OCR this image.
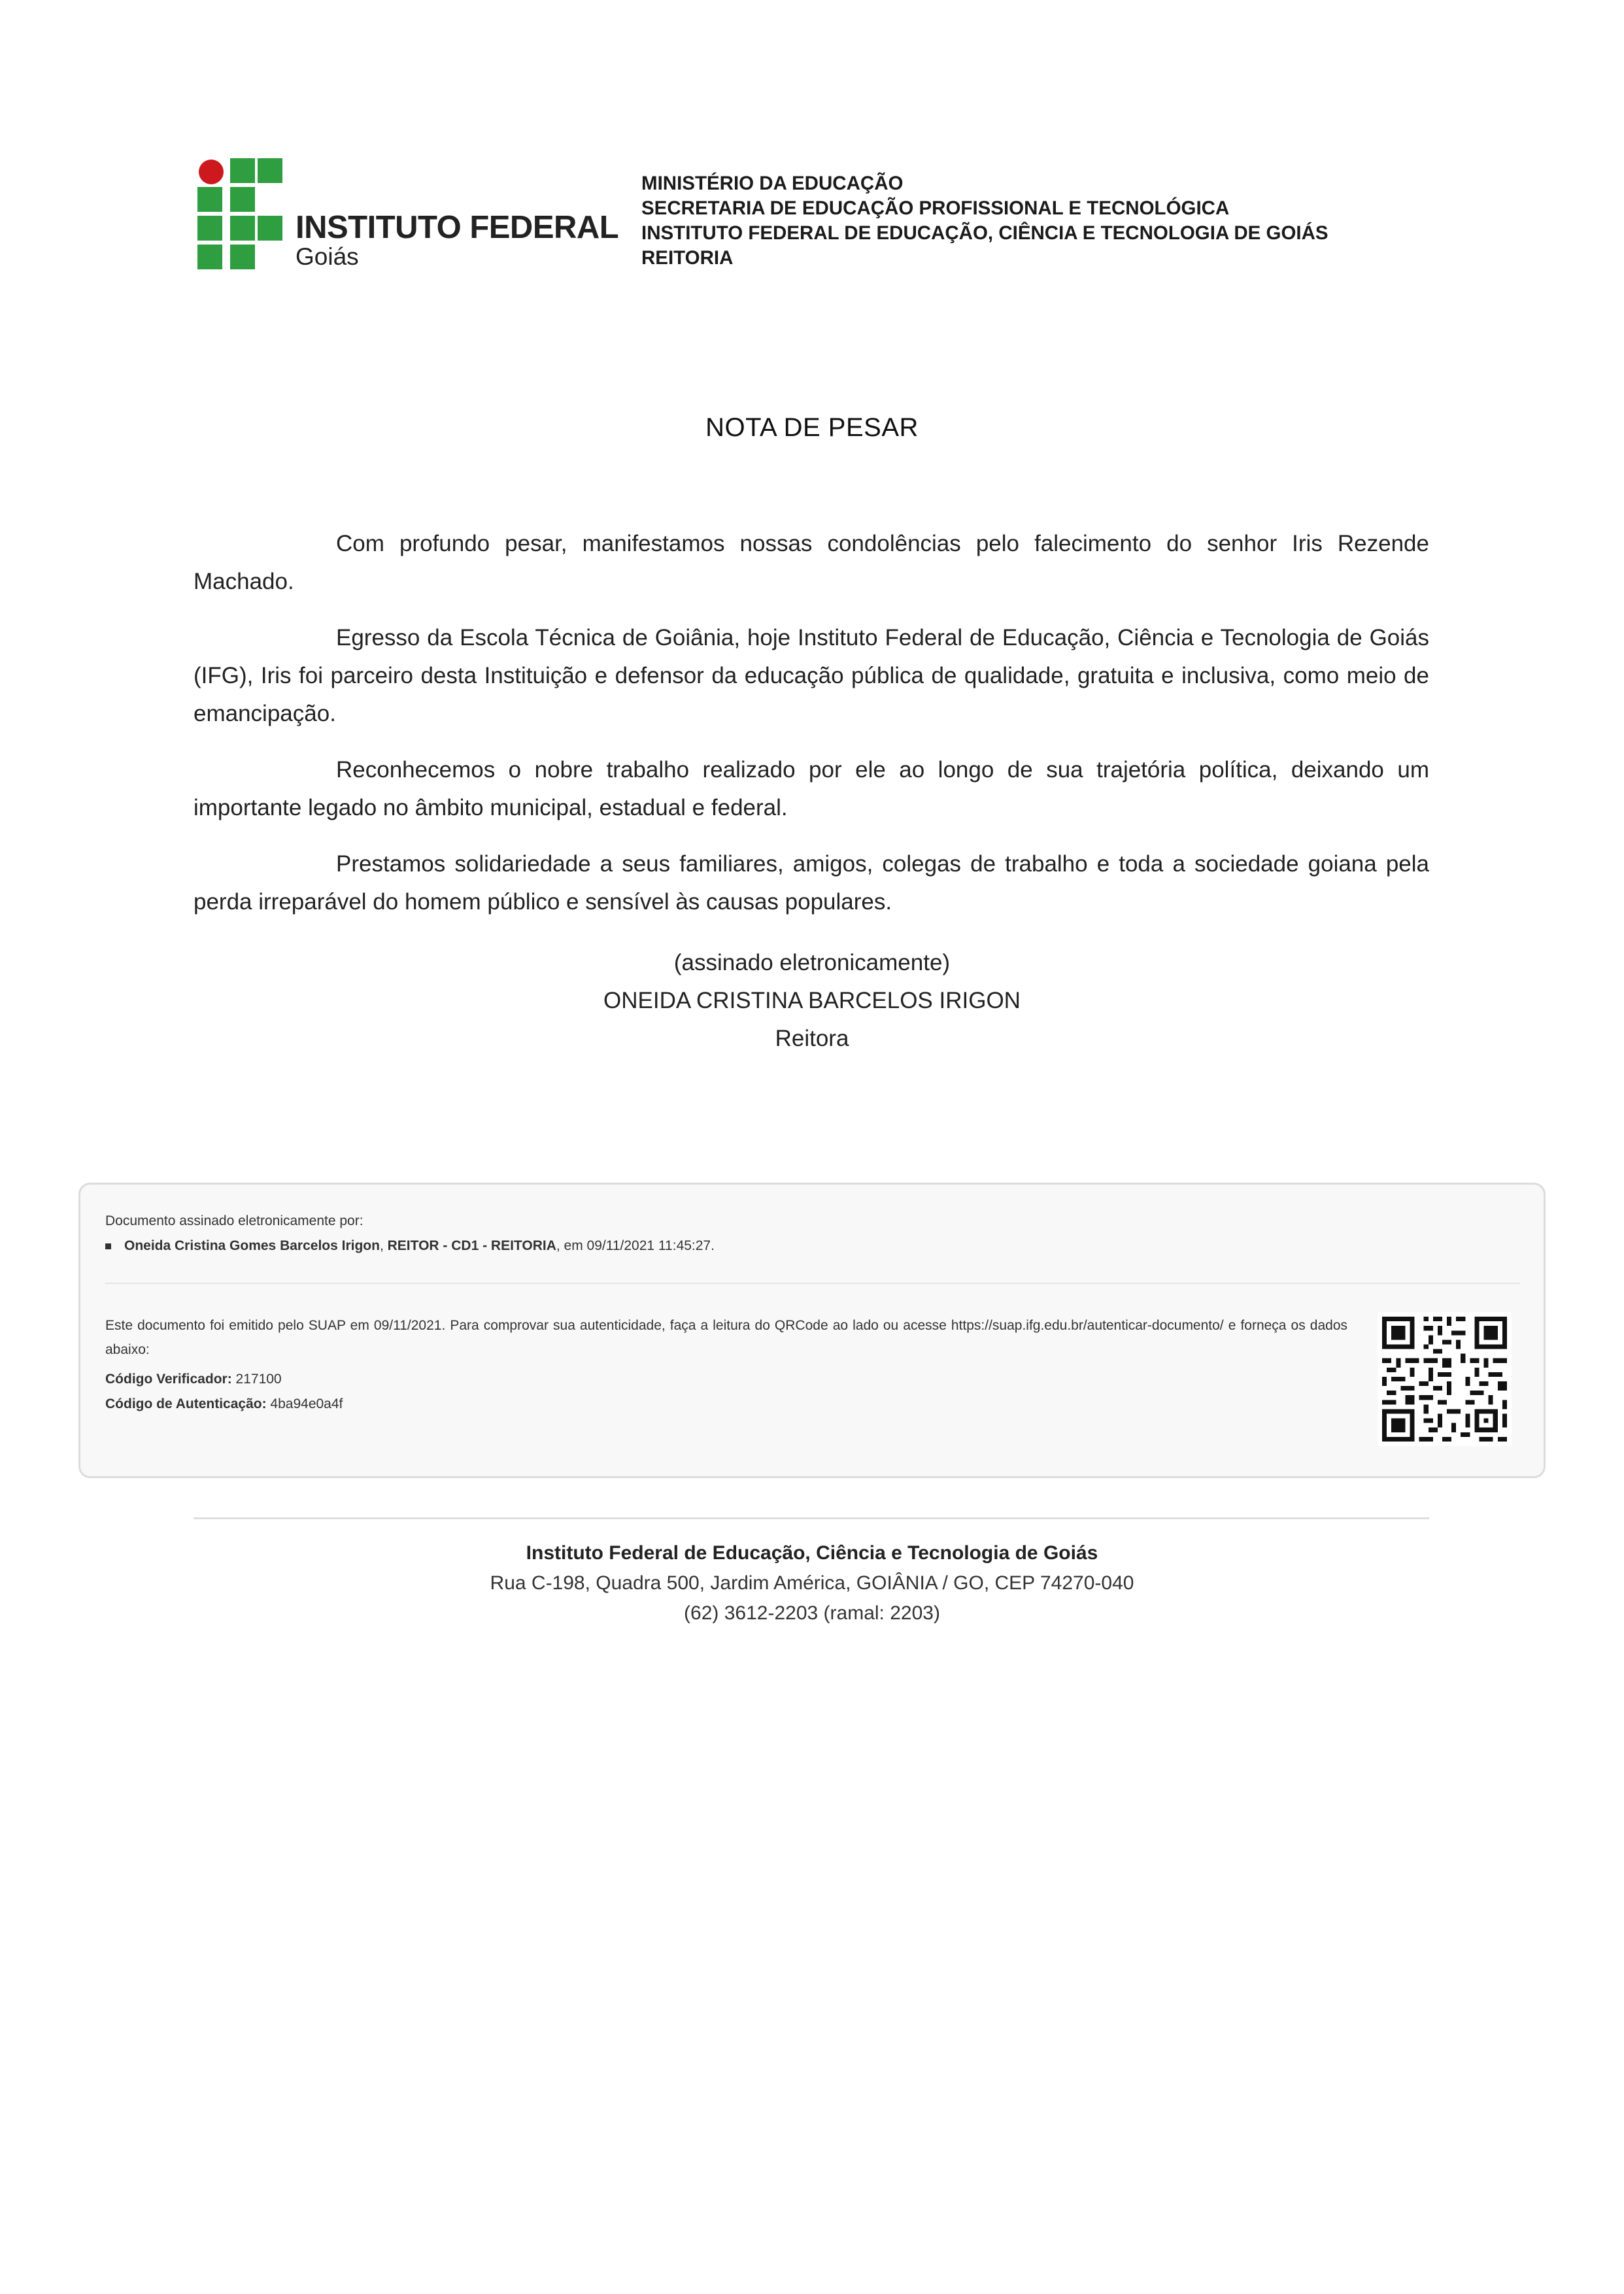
INSTITUTO FEDERAL
Goiás
MINISTÉRIO DA EDUCAÇÃO
SECRETARIA DE EDUCAÇÃO PROFISSIONAL E TECNOLÓGICA
INSTITUTO FEDERAL DE EDUCAÇÃO, CIÊNCIA E TECNOLOGIA DE GOIÁS
REITORIA
NOTA DE PESAR

Com profundo pesar, manifestamos nossas condolências pelo falecimento do senhor Iris Rezende Machado.

Egresso da Escola Técnica de Goiânia, hoje Instituto Federal de Educação, Ciência e Tecnologia de Goiás (IFG), Iris foi parceiro desta Instituição e defensor da educação pública de qualidade, gratuita e inclusiva, como meio de emancipação.

Reconhecemos o nobre trabalho realizado por ele ao longo de sua trajetória política, deixando um importante legado no âmbito municipal, estadual e federal.

Prestamos solidariedade a seus familiares, amigos, colegas de trabalho e toda a sociedade goiana pela perda irreparável do homem público e sensível às causas populares.

(assinado eletronicamente)
ONEIDA CRISTINA BARCELOS IRIGON
Reitora
Documento assinado eletronicamente por:
Oneida Cristina Gomes Barcelos Irigon, REITOR - CD1 - REITORIA, em 09/11/2021 11:45:27.
Este documento foi emitido pelo SUAP em 09/11/2021. Para comprovar sua autenticidade, faça a leitura do QRCode ao lado ou acesse https://suap.ifg.edu.br/autenticar-documento/ e forneça os dados abaixo:
Código Verificador: 217100
Código de Autenticação: 4ba94e0a4f
Instituto Federal de Educação, Ciência e Tecnologia de Goiás
Rua C-198, Quadra 500, Jardim América, GOIÂNIA / GO, CEP 74270-040
(62) 3612-2203 (ramal: 2203)
